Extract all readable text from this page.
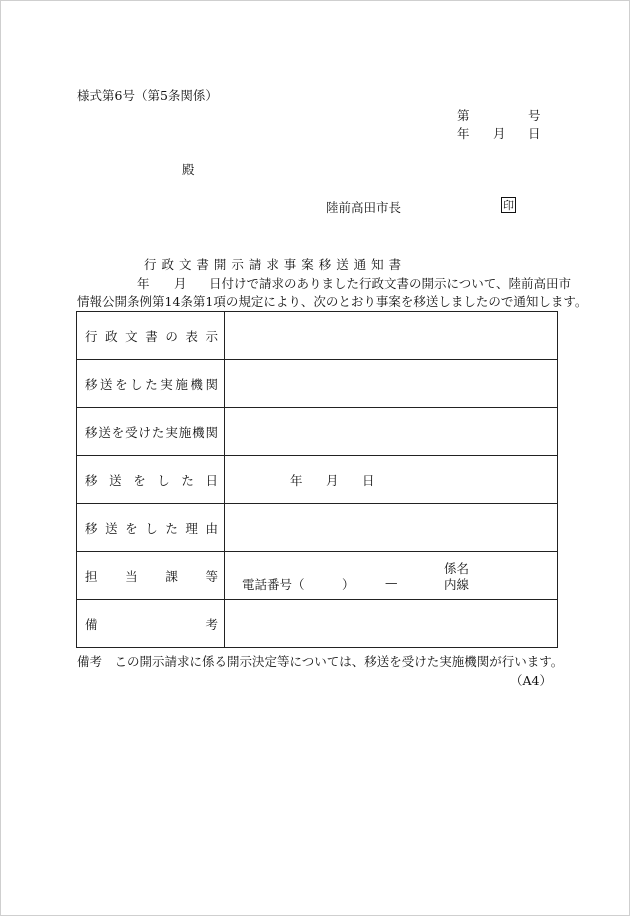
様式第6号（第5条関係）
第	号
年 月 日
殿
陸前高田市長	印
行 政 文 書 開 示 請 求 事 案 移 送 通 知 書
年 月 日付けで請求のありました行政文書の開示について、陸前高田市
情報公開条例第14条第1項の規定により、次のとおり事案を移送しましたので通知します。
行政文書の表示	

移送をした実施機関	

移送を受けた実施機関	

移送をした日	年 月 日

移送をした理由	

担当課等	係名
電話番号（ ） — 内線

備考	

備考　この開示請求に係る開示決定等については、移送を受けた実施機関が行います。
（A4）
